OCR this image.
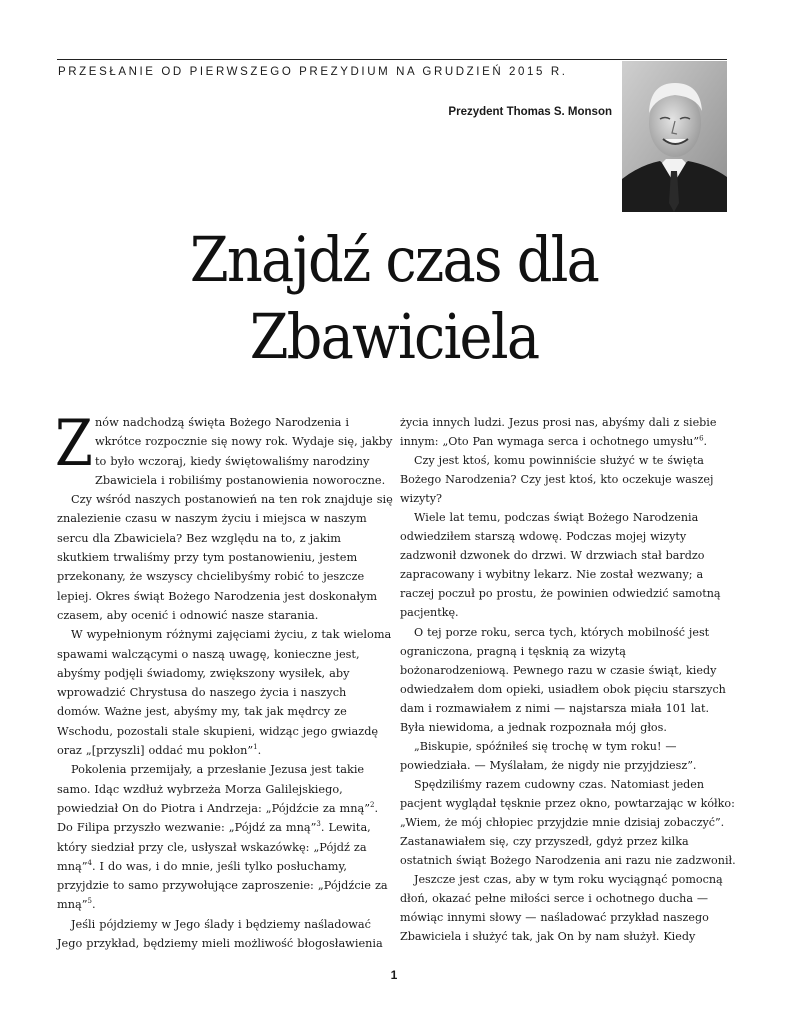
PRZESŁANIE OD PIERWSZEGO PREZYDIUM NA GRUDZIEŃ 2015 R.
Prezydent Thomas S. Monson
Znajdź czas dla
Zbawiciela

Znów nadchodzą święta Bożego Narodzenia i wkrótce rozpocznie się nowy rok. Wydaje się, jakby to było wczoraj, kiedy świętowaliśmy narodziny Zbawiciela i robiliśmy postanowienia noworoczne.

Czy wśród naszych postanowień na ten rok znajduje się znalezienie czasu w naszym życiu i miejsca w naszym sercu dla Zbawiciela? Bez względu na to, z jakim skutkiem trwaliśmy przy tym postanowieniu, jestem przekonany, że wszyscy chcielibyśmy robić to jeszcze lepiej. Okres świąt Bożego Narodzenia jest doskonałym czasem, aby ocenić i odnowić nasze starania.

W wypełnionym różnymi zajęciami życiu, z tak wieloma spawami walczącymi o naszą uwagę, konieczne jest, abyśmy podjęli świadomy, zwiększony wysiłek, aby wprowadzić Chrystusa do naszego życia i naszych domów. Ważne jest, abyśmy my, tak jak mędrcy ze Wschodu, pozostali stale skupieni, widząc jego gwiazdę oraz „[przyszli] oddać mu pokłon”$^1$.

Pokolenia przemijały, a przesłanie Jezusa jest takie samo. Idąc wzdłuż wybrzeża Morza Galilejskiego, powiedział On do Piotra i Andrzeja: „Pójdźcie za mną”$^2$. Do Filipa przyszło wezwanie: „Pójdź za mną”$^3$. Lewita, który siedział przy cle, usłyszał wskazówkę: „Pójdź za mną”$^4$. I do was, i do mnie, jeśli tylko posłuchamy, przyjdzie to samo przywołujące zaproszenie: „Pójdźcie za mną”$^5$.

Jeśli pójdziemy w Jego ślady i będziemy naśladować Jego przykład, będziemy mieli możliwość błogosławienia

życia innych ludzi. Jezus prosi nas, abyśmy dali z siebie innym: „Oto Pan wymaga serca i ochotnego umysłu”$^6$.

Czy jest ktoś, komu powinniście służyć w te święta Bożego Narodzenia? Czy jest ktoś, kto oczekuje waszej wizyty?

Wiele lat temu, podczas świąt Bożego Narodzenia odwiedziłem starszą wdowę. Podczas mojej wizyty zadzwonił dzwonek do drzwi. W drzwiach stał bardzo zapracowany i wybitny lekarz. Nie został wezwany; a raczej poczuł po prostu, że powinien odwiedzić samotną pacjentkę.

O tej porze roku, serca tych, których mobilność jest ograniczona, pragną i tęsknią za wizytą bożonarodzeniową. Pewnego razu w czasie świąt, kiedy odwiedzałem dom opieki, usiadłem obok pięciu starszych dam i rozmawiałem z nimi — najstarsza miała 101 lat. Była niewidoma, a jednak rozpoznała mój głos.

„Biskupie, spóźniłeś się trochę w tym roku! — powiedziała. — Myślałam, że nigdy nie przyjdziesz”.

Spędziliśmy razem cudowny czas. Natomiast jeden pacjent wyglądał tęsknie przez okno, powtarzając w kółko: „Wiem, że mój chłopiec przyjdzie mnie dzisiaj zobaczyć”. Zastanawiałem się, czy przyszedł, gdyż przez kilka ostatnich świąt Bożego Narodzenia ani razu nie zadzwonił.

Jeszcze jest czas, aby w tym roku wyciągnąć pomocną dłoń, okazać pełne miłości serce i ochotnego ducha — mówiąc innymi słowy — naśladować przykład naszego Zbawiciela i służyć tak, jak On by nam służył. Kiedy

1
